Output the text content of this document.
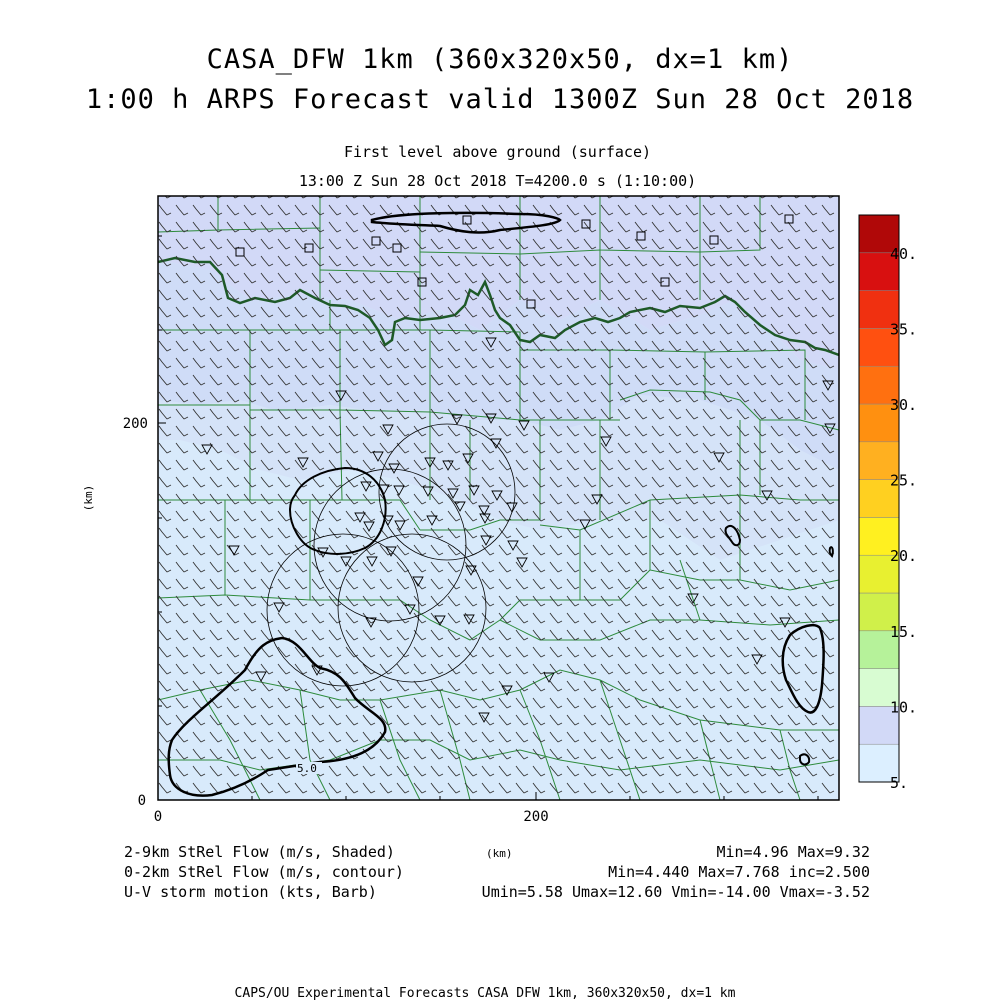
CASA_DFW 1km (360x320x50, dx=1 km)
1:00 h ARPS Forecast valid 1300Z Sun 28 Oct 2018
First level above ground (surface)
13:00 Z Sun 28 Oct 2018 T=4200.0 s (1:10:00)
5.0
0	200
0
200
(km)
5.
10.
15.
20.
25.
30.
35.
40.
2-9km StRel Flow (m/s, Shaded)
0-2km StRel Flow (m/s, contour)
U-V storm motion (kts, Barb)
(km)	Min=4.96 Max=9.32
Min=4.440 Max=7.768 inc=2.500
Umin=5.58 Umax=12.60 Vmin=-14.00 Vmax=-3.52
CAPS/OU Experimental Forecasts CASA DFW 1km, 360x320x50, dx=1 km
